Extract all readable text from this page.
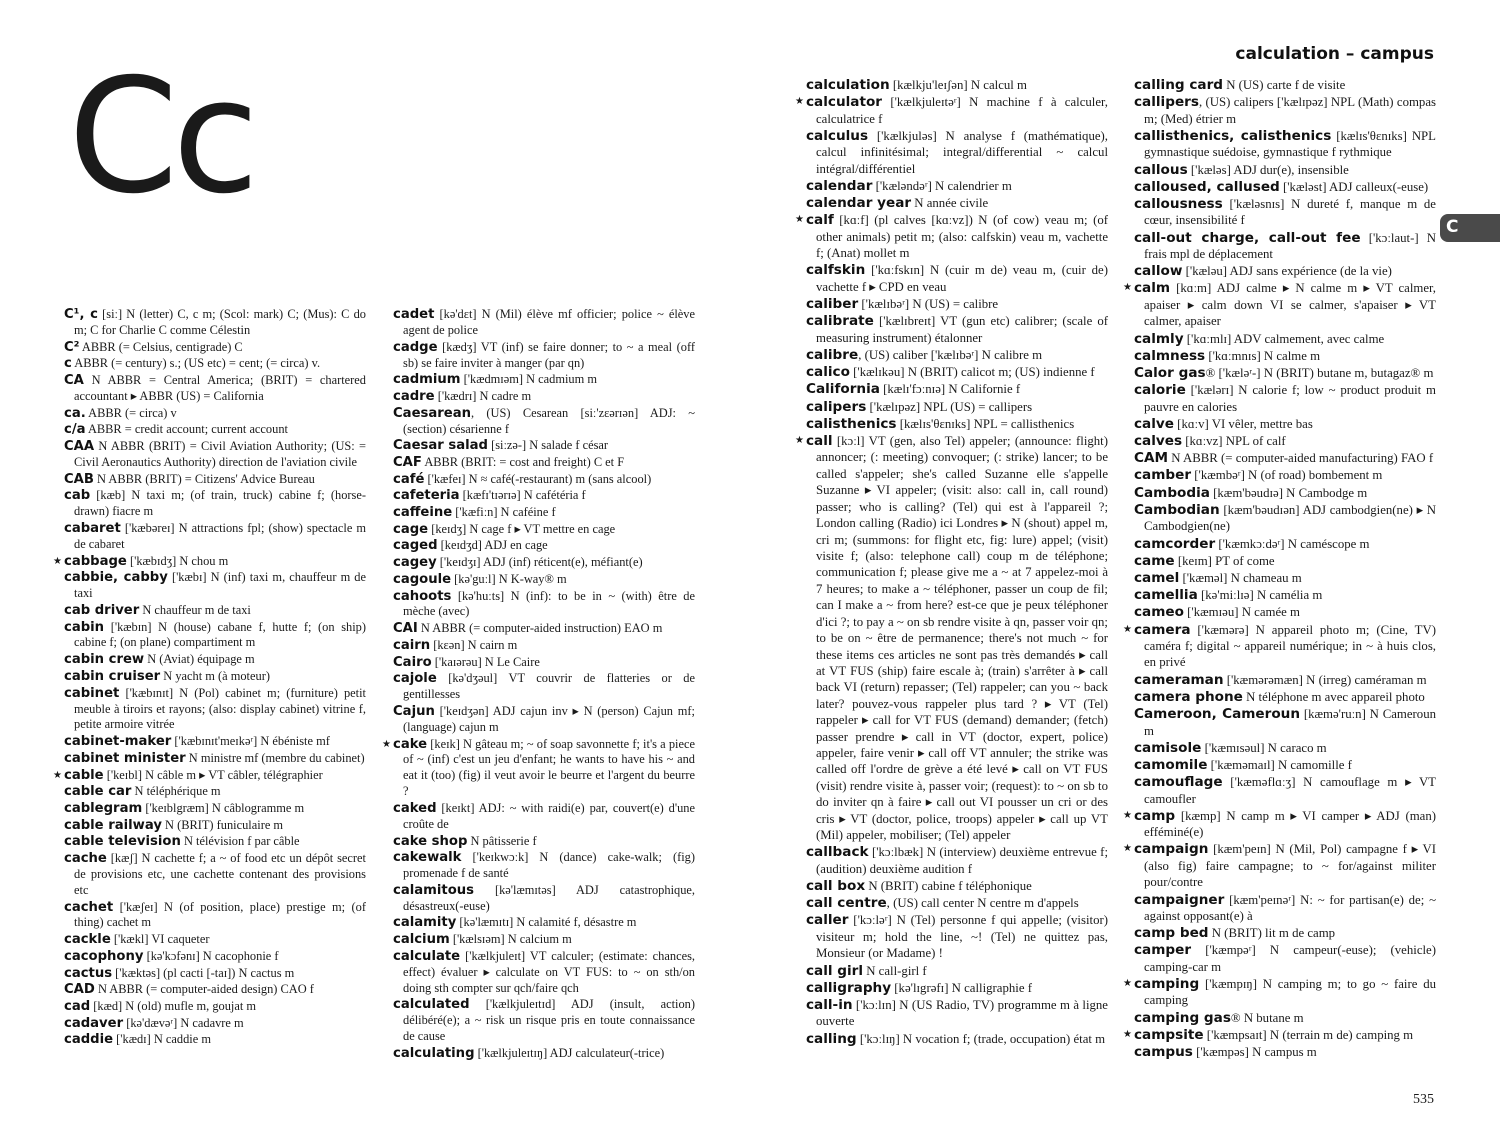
Cc
C¹, c [siː] N (letter) C, c m; (Scol: mark) C; (Mus): C do m; C for Charlie C comme Célestin
C² ABBR (= Celsius, centigrade) C
c ABBR (= century) s.; (US etc) = cent; (= circa) v.
CA N ABBR = Central America; (BRIT) = chartered accountant ▸ ABBR (US) = California
ca. ABBR (= circa) v
c/a ABBR = credit account; current account
CAA N ABBR (BRIT) = Civil Aviation Authority; (US: = Civil Aeronautics Authority) direction de l'aviation civile
CAB N ABBR (BRIT) = Citizens' Advice Bureau
cab [kæb] N taxi m; (of train, truck) cabine f; (horse-drawn) fiacre m
cabaret ['kæbəreɪ] N attractions fpl; (show) spectacle m de cabaret
★ cabbage ['kæbɪdʒ] N chou m
cabbie, cabby ['kæbɪ] N (inf) taxi m, chauffeur m de taxi
cab driver N chauffeur m de taxi
cabin ['kæbɪn] N (house) cabane f, hutte f; (on ship) cabine f; (on plane) compartiment m
cabin crew N (Aviat) équipage m
cabin cruiser N yacht m (à moteur)
cabinet ['kæbɪnɪt] N (Pol) cabinet m; (furniture) petit meuble à tiroirs et rayons; (also: display cabinet) vitrine f, petite armoire vitrée
cabinet-maker ['kæbɪnɪt'meɪkəʳ] N ébéniste mf
cabinet minister N ministre mf (membre du cabinet)
★ cable ['keɪbl] N câble m ▸ VT câbler, télégraphier
cable car N téléphérique m
cablegram ['keɪblgræm] N câblogramme m
cable railway N (BRIT) funiculaire m
cable television N télévision f par câble
cache [kæʃ] N cachette f; a ~ of food etc un dépôt secret de provisions etc, une cachette contenant des provisions etc
cachet ['kæʃeɪ] N (of position, place) prestige m; (of thing) cachet m
cackle ['kækl] VI caqueter
cacophony [kə'kɔfənɪ] N cacophonie f
cactus ['kæktəs] (pl cacti [-taɪ]) N cactus m
CAD N ABBR (= computer-aided design) CAO f
cad [kæd] N (old) mufle m, goujat m
cadaver [kə'dævəʳ] N cadavre m
caddie ['kædɪ] N caddie m
cadet [kə'dɛt] N (Mil) élève mf officier; police ~ élève agent de police
cadge [kædʒ] VT (inf) se faire donner; to ~ a meal (off sb) se faire inviter à manger (par qn)
cadmium ['kædmɪəm] N cadmium m
cadre ['kædrɪ] N cadre m
Caesarean, (US) Cesarean [siː'zɛərɪən] ADJ: ~ (section) césarienne f
Caesar salad [siːzə-] N salade f césar
CAF ABBR (BRIT: = cost and freight) C et F
café ['kæfeɪ] N ≈ café(-restaurant) m (sans alcool)
cafeteria [kæfɪ'tɪərɪə] N cafétéria f
caffeine ['kæfiːn] N caféine f
cage [keɪdʒ] N cage f ▸ VT mettre en cage
caged [keɪdʒd] ADJ en cage
cagey ['keɪdʒɪ] ADJ (inf) réticent(e), méfiant(e)
cagoule [kə'guːl] N K-way® m
cahoots [kə'huːts] N (inf): to be in ~ (with) être de mèche (avec)
CAI N ABBR (= computer-aided instruction) EAO m
cairn [kɛən] N cairn m
Cairo ['kaɪərəu] N Le Caire
cajole [kə'dʒəul] VT couvrir de flatteries or de gentillesses
Cajun ['keɪdʒən] ADJ cajun inv ▸ N (person) Cajun mf; (language) cajun m
★ cake [keɪk] N gâteau m; ~ of soap savonnette f; it's a piece of ~ (inf) c'est un jeu d'enfant; he wants to have his ~ and eat it (too) (fig) il veut avoir le beurre et l'argent du beurre ?
caked [keɪkt] ADJ: ~ with raidi(e) par, couvert(e) d'une croûte de
cake shop N pâtisserie f
cakewalk ['keɪkwɔːk] N (dance) cake-walk; (fig) promenade f de santé
calamitous [kə'læmɪtəs] ADJ catastrophique, désastreux(-euse)
calamity [kə'læmɪtɪ] N calamité f, désastre m
calcium ['kælsɪəm] N calcium m
calculate ['kælkjuleɪt] VT calculer; (estimate: chances, effect) évaluer ▸ calculate on VT FUS: to ~ on sth/on doing sth compter sur qch/faire qch
calculated ['kælkjuleɪtɪd] ADJ (insult, action) délibéré(e); a ~ risk un risque pris en toute connaissance de cause
calculating ['kælkjuleɪtɪŋ] ADJ calculateur(-trice)
calculation – campus
calculation [kælkju'leɪʃən] N calcul m
★ calculator ['kælkjuleɪtəʳ] N machine f à calculer, calculatrice f
calculus ['kælkjuləs] N analyse f (mathématique), calcul infinitésimal; integral/differential ~ calcul intégral/différentiel
calendar ['kæləndəʳ] N calendrier m
calendar year N année civile
★ calf [kɑːf] (pl calves [kɑːvz]) N (of cow) veau m; (of other animals) petit m; (also: calfskin) veau m, vachette f; (Anat) mollet m
calfskin ['kɑːfskɪn] N (cuir m de) veau m, (cuir de) vachette f ▸ CPD en veau
caliber ['kælɪbəʳ] N (US) = calibre
calibrate ['kælɪbreɪt] VT (gun etc) calibrer; (scale of measuring instrument) étalonner
calibre, (US) caliber ['kælɪbəʳ] N calibre m
calico ['kælɪkəu] N (BRIT) calicot m; (US) indienne f
California [kælɪ'fɔːnɪə] N Californie f
calipers ['kælɪpəz] NPL (US) = callipers
calisthenics [kælɪs'θɛnɪks] NPL = callisthenics
★ call [kɔːl] VT (gen, also Tel) appeler; (announce: flight) annoncer; (: meeting) convoquer; (: strike) lancer; to be called s'appeler; she's called Suzanne elle s'appelle Suzanne ▸ VI appeler; (visit: also: call in, call round) passer; who is calling? (Tel) qui est à l'appareil ?; London calling (Radio) ici Londres ▸ N (shout) appel m, cri m; (summons: for flight etc, fig: lure) appel; (visit) visite f; (also: telephone call) coup m de téléphone; communication f; please give me a ~ at 7 appelez-moi à 7 heures; to make a ~ téléphoner, passer un coup de fil; can I make a ~ from here? est-ce que je peux téléphoner d'ici ?; to pay a ~ on sb rendre visite à qn, passer voir qn; to be on ~ être de permanence; there's not much ~ for these items ces articles ne sont pas très demandés ▸ call at VT FUS (ship) faire escale à; (train) s'arrêter à ▸ call back VI (return) repasser; (Tel) rappeler; can you ~ back later? pouvez-vous rappeler plus tard ? ▸ VT (Tel) rappeler ▸ call for VT FUS (demand) demander; (fetch) passer prendre ▸ call in VT (doctor, expert, police) appeler, faire venir ▸ call off VT annuler; the strike was called off l'ordre de grève a été levé ▸ call on VT FUS (visit) rendre visite à, passer voir; (request): to ~ on sb to do inviter qn à faire ▸ call out VI pousser un cri or des cris ▸ VT (doctor, police, troops) appeler ▸ call up VT (Mil) appeler, mobiliser; (Tel) appeler
callback ['kɔːlbæk] N (interview) deuxième entrevue f; (audition) deuxième audition f
call box N (BRIT) cabine f téléphonique
call centre, (US) call center N centre m d'appels
caller ['kɔːləʳ] N (Tel) personne f qui appelle; (visitor) visiteur m; hold the line, ~! (Tel) ne quittez pas, Monsieur (or Madame) !
call girl N call-girl f
calligraphy [kə'lɪgrəfɪ] N calligraphie f
call-in ['kɔːlɪn] N (US Radio, TV) programme m à ligne ouverte
calling ['kɔːlɪŋ] N vocation f; (trade, occupation) état m
calling card N (US) carte f de visite
callipers, (US) calipers ['kælɪpəz] NPL (Math) compas m; (Med) étrier m
callisthenics, calisthenics [kælɪs'θɛnɪks] NPL gymnastique suédoise, gymnastique f rythmique
callous ['kæləs] ADJ dur(e), insensible
calloused, callused ['kæləst] ADJ calleux(-euse)
callousness ['kæləsnɪs] N dureté f, manque m de cœur, insensibilité f
call-out charge, call-out fee ['kɔːlaut-] N frais mpl de déplacement
callow ['kæləu] ADJ sans expérience (de la vie)
★ calm [kɑːm] ADJ calme ▸ N calme m ▸ VT calmer, apaiser ▸ calm down VI se calmer, s'apaiser ▸ VT calmer, apaiser
calmly ['kɑːmlɪ] ADV calmement, avec calme
calmness ['kɑːmnɪs] N calme m
Calor gas® ['kæləʳ-] N (BRIT) butane m, butagaz® m
calorie ['kælərɪ] N calorie f; low ~ product produit m pauvre en calories
calve [kɑːv] VI vêler, mettre bas
calves [kɑːvz] NPL of calf
CAM N ABBR (= computer-aided manufacturing) FAO f
camber ['kæmbəʳ] N (of road) bombement m
Cambodia [kæm'bəudɪə] N Cambodge m
Cambodian [kæm'bəudɪən] ADJ cambodgien(ne) ▸ N Cambodgien(ne)
camcorder ['kæmkɔːdəʳ] N caméscope m
came [keɪm] PT of come
camel ['kæməl] N chameau m
camellia [kə'miːlɪə] N camélia m
cameo ['kæmɪəu] N camée m
★ camera ['kæmərə] N appareil photo m; (Cine, TV) caméra f; digital ~ appareil numérique; in ~ à huis clos, en privé
cameraman ['kæmərəmæn] N (irreg) caméraman m
camera phone N téléphone m avec appareil photo
Cameroon, Cameroun [kæmə'ruːn] N Cameroun m
camisole ['kæmɪsəul] N caraco m
camomile ['kæməmaɪl] N camomille f
camouflage ['kæməflɑːʒ] N camouflage m ▸ VT camoufler
★ camp [kæmp] N camp m ▸ VI camper ▸ ADJ (man) efféminé(e)
★ campaign [kæm'peɪn] N (Mil, Pol) campagne f ▸ VI (also fig) faire campagne; to ~ for/against militer pour/contre
campaigner [kæm'peɪnəʳ] N: ~ for partisan(e) de; ~ against opposant(e) à
camp bed N (BRIT) lit m de camp
camper ['kæmpəʳ] N campeur(-euse); (vehicle) camping-car m
★ camping ['kæmpɪŋ] N camping m; to go ~ faire du camping
camping gas® N butane m
★ campsite ['kæmpsaɪt] N (terrain m de) camping m
campus ['kæmpəs] N campus m
C
535
